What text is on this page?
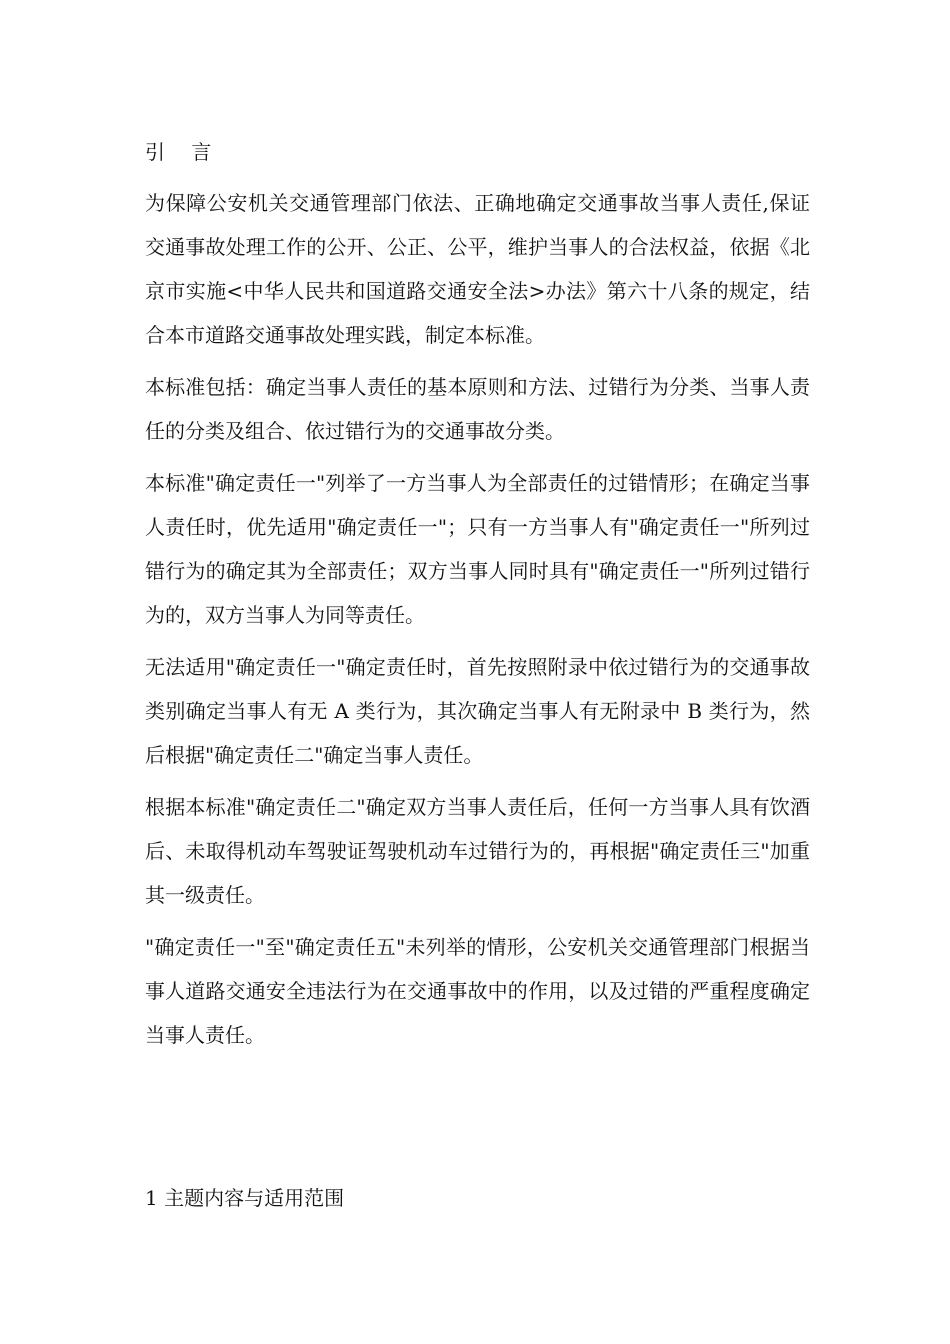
引 言

为保障公安机关交通管理部门依法、正确地确定交通事故当事人责任,保证交通事故处理工作的公开、公正、公平，维护当事人的合法权益，依据《北京市实施<中华人民共和国道路交通安全法>办法》第六十八条的规定，结合本市道路交通事故处理实践，制定本标准。

本标准包括：确定当事人责任的基本原则和方法、过错行为分类、当事人责任的分类及组合、依过错行为的交通事故分类。

本标准"确定责任一"列举了一方当事人为全部责任的过错情形；在确定当事人责任时，优先适用"确定责任一"；只有一方当事人有"确定责任一"所列过错行为的确定其为全部责任；双方当事人同时具有"确定责任一"所列过错行为的，双方当事人为同等责任。

无法适用"确定责任一"确定责任时，首先按照附录中依过错行为的交通事故类别确定当事人有无 A 类行为，其次确定当事人有无附录中 B 类行为，然后根据"确定责任二"确定当事人责任。

根据本标准"确定责任二"确定双方当事人责任后，任何一方当事人具有饮酒后、未取得机动车驾驶证驾驶机动车过错行为的，再根据"确定责任三"加重其一级责任。

"确定责任一"至"确定责任五"未列举的情形，公安机关交通管理部门根据当事人道路交通安全违法行为在交通事故中的作用，以及过错的严重程度确定当事人责任。

1 主题内容与适用范围
